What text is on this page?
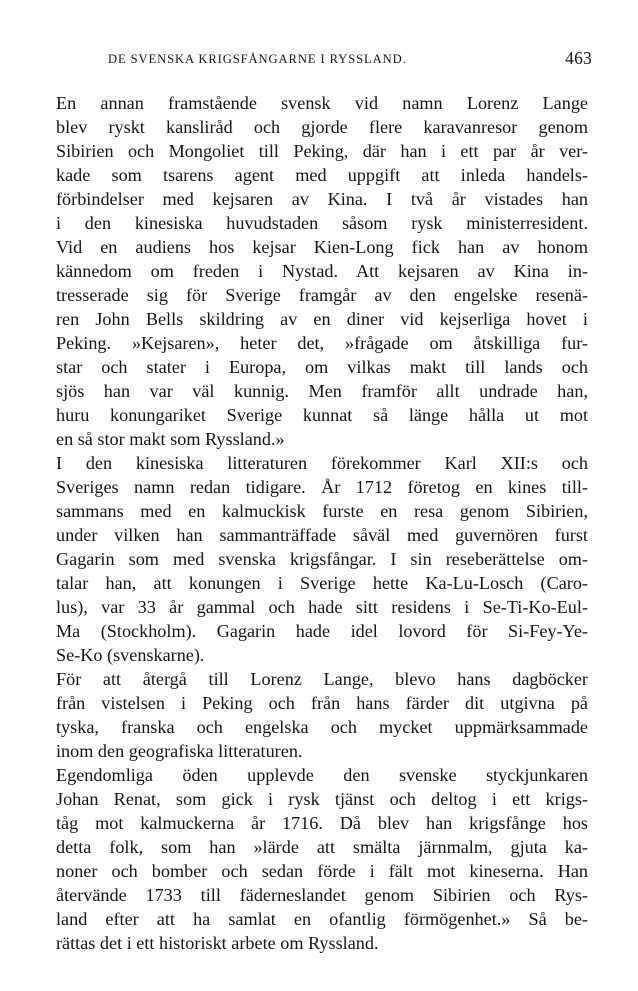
DE SVENSKA KRIGSFÅNGARNE I RYSSLAND.	463
En annan framstående svensk vid namn Lorenz Lange
blev ryskt kansliråd och gjorde flere karavanresor genom
Sibirien och Mongoliet till Peking, där han i ett par år ver-
kade som tsarens agent med uppgift att inleda handels-
förbindelser med kejsaren av Kina. I två år vistades han
i den kinesiska huvudstaden såsom rysk ministerresident.
Vid en audiens hos kejsar Kien-Long fick han av honom
kännedom om freden i Nystad. Att kejsaren av Kina in-
tresserade sig för Sverige framgår av den engelske resenä-
ren John Bells skildring av en diner vid kejserliga hovet i
Peking. »Kejsaren», heter det, »frågade om åtskilliga fur-
star och stater i Europa, om vilkas makt till lands och
sjös han var väl kunnig. Men framför allt undrade han,
huru konungariket Sverige kunnat så länge hålla ut mot
en så stor makt som Ryssland.»
I den kinesiska litteraturen förekommer Karl XII:s och
Sveriges namn redan tidigare. År 1712 företog en kines till-
sammans med en kalmuckisk furste en resa genom Sibirien,
under vilken han sammanträffade såväl med guvernören furst
Gagarin som med svenska krigsfångar. I sin reseberättelse om-
talar han, att konungen i Sverige hette Ka-Lu-Losch (Caro-
lus), var 33 år gammal och hade sitt residens i Se-Ti-Ko-Eul-
Ma (Stockholm). Gagarin hade idel lovord för Si-Fey-Ye-
Se-Ko (svenskarne).
För att återgå till Lorenz Lange, blevo hans dagböcker
från vistelsen i Peking och från hans färder dit utgivna på
tyska, franska och engelska och mycket uppmärksammade
inom den geografiska litteraturen.
Egendomliga öden upplevde den svenske styckjunkaren
Johan Renat, som gick i rysk tjänst och deltog i ett krigs-
tåg mot kalmuckerna år 1716. Då blev han krigsfånge hos
detta folk, som han »lärde att smälta järnmalm, gjuta ka-
noner och bomber och sedan förde i fält mot kineserna. Han
återvände 1733 till fäderneslandet genom Sibirien och Rys-
land efter att ha samlat en ofantlig förmögenhet.» Så be-
rättas det i ett historiskt arbete om Ryssland.
